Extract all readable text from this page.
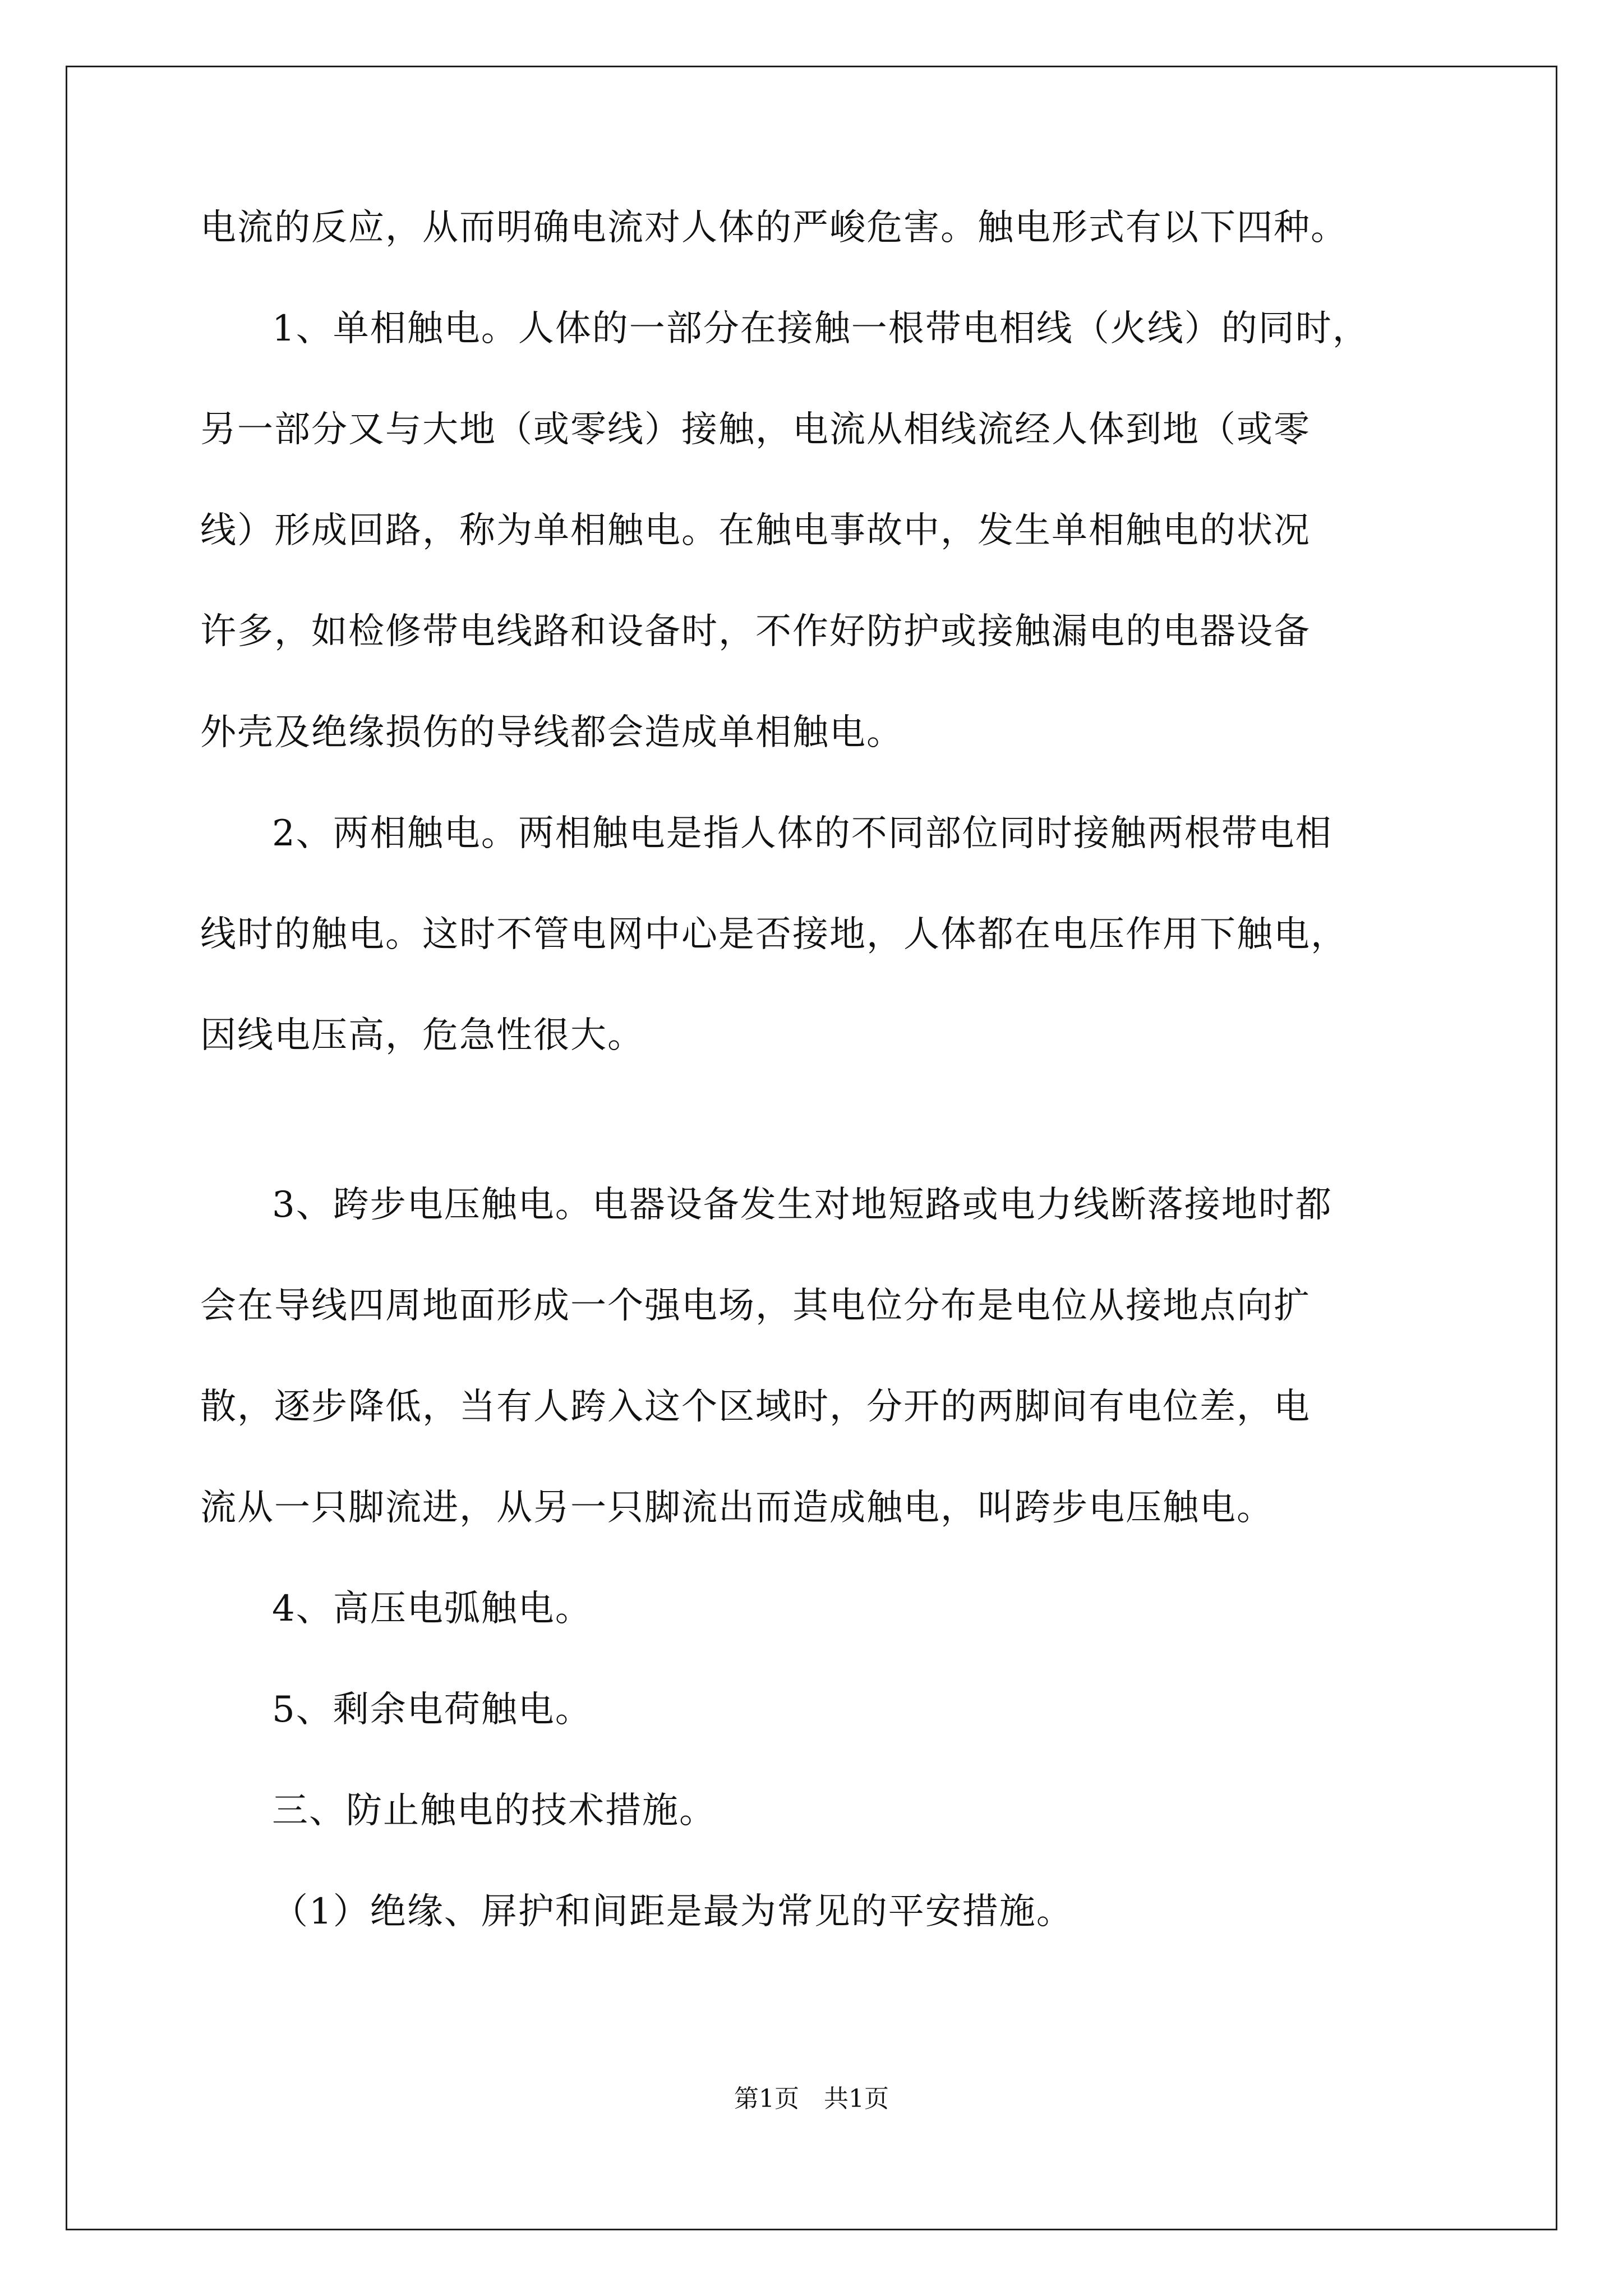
电流的反应，从而明确电流对人体的严峻危害。触电形式有以下四种。
1、单相触电。人体的一部分在接触一根带电相线（火线）的同时，
另一部分又与大地（或零线）接触，电流从相线流经人体到地（或零
线）形成回路，称为单相触电。在触电事故中，发生单相触电的状况
许多，如检修带电线路和设备时，不作好防护或接触漏电的电器设备
外壳及绝缘损伤的导线都会造成单相触电。
2、两相触电。两相触电是指人体的不同部位同时接触两根带电相
线时的触电。这时不管电网中心是否接地，人体都在电压作用下触电，
因线电压高，危急性很大。
3、跨步电压触电。电器设备发生对地短路或电力线断落接地时都
会在导线四周地面形成一个强电场，其电位分布是电位从接地点向扩
散，逐步降低，当有人跨入这个区域时，分开的两脚间有电位差，电
流从一只脚流进，从另一只脚流出而造成触电，叫跨步电压触电。
4、高压电弧触电。
5、剩余电荷触电。
三、防止触电的技术措施。
（1）绝缘、屏护和间距是最为常见的平安措施。
第1页　共1页
